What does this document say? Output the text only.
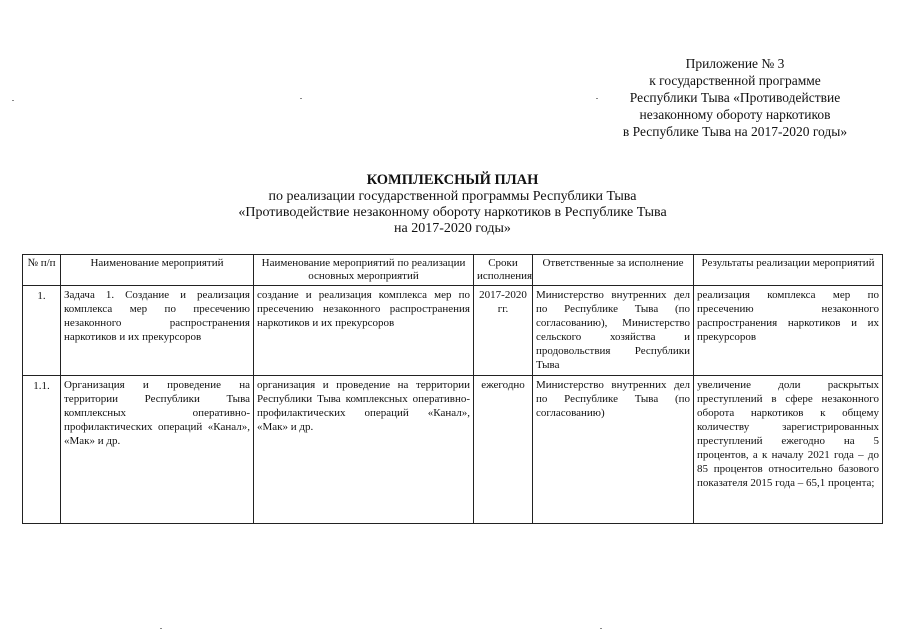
Приложение № 3
к государственной программе
Республики Тыва «Противодействие
незаконному обороту наркотиков
в Республике Тыва на 2017-2020 годы»
КОМПЛЕКСНЫЙ ПЛАН
по реализации государственной программы Республики Тыва
«Противодействие незаконному обороту наркотиков в Республике Тыва
на 2017-2020 годы»
№ п/п	Наименование мероприятий	Наименование мероприятий по реализации основных мероприятий	Сроки исполнения	Ответственные за исполнение	Результаты реализации мероприятий
1.	Задача 1. Создание и реализация комплекса мер по пресечению незаконного распространения наркотиков и их прекурсоров	создание и реализация комплекса мер по пресечению незаконного распространения наркотиков и их прекурсоров	2017-2020 гг.	Министерство внутренних дел по Республике Тыва (по согласованию), Министерство сельского хозяйства и продовольствия Республики Тыва	реализация комплекса мер по пресечению незаконного распространения наркотиков и их прекурсоров
1.1.	Организация и проведение на территории Республики Тыва комплексных оперативно-профилактических операций «Канал», «Мак» и др.	организация и проведение на территории Республики Тыва комплексных оперативно-профилактических операций «Канал», «Мак» и др.	ежегодно	Министерство внутренних дел по Республике Тыва (по согласованию)	увеличение доли раскрытых преступлений в сфере незаконного оборота наркотиков к общему количеству зарегистрированных преступлений ежегодно на 5 процентов, а к началу 2021 года – до 85 процентов относительно базового показателя 2015 года – 65,1 процента;
